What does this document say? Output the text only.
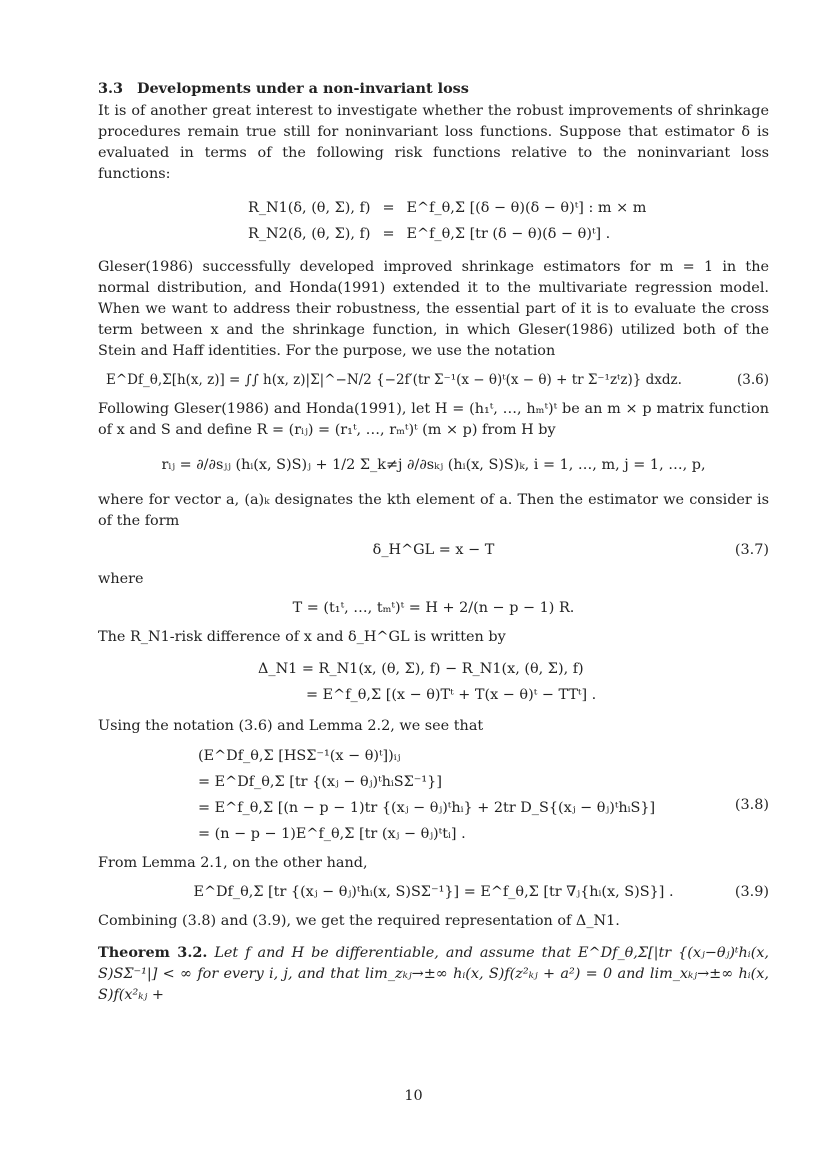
3.3 Developments under a non-invariant loss

It is of another great interest to investigate whether the robust improvements of shrinkage procedures remain true still for noninvariant loss functions. Suppose that estimator δ is evaluated in terms of the following risk functions relative to the noninvariant loss functions:

R_N1(δ, (θ, Σ), f) = E^f_θ,Σ [(δ − θ)(δ − θ)ᵗ] : m × m
R_N2(δ, (θ, Σ), f) = E^f_θ,Σ [tr (δ − θ)(δ − θ)ᵗ] .

Gleser(1986) successfully developed improved shrinkage estimators for m = 1 in the normal distribution, and Honda(1991) extended it to the multivariate regression model. When we want to address their robustness, the essential part of it is to evaluate the cross term between x and the shrinkage function, in which Gleser(1986) utilized both of the Stein and Haff identities. For the purpose, we use the notation

E^Df_θ,Σ[h(x, z)] = ∫∫ h(x, z)|Σ|^−N/2 {−2f′(tr Σ⁻¹(x − θ)ᵗ(x − θ) + tr Σ⁻¹zᵗz)} dxdz.	(3.6)

Following Gleser(1986) and Honda(1991), let H = (h₁ᵗ, …, hₘᵗ)ᵗ be an m × p matrix function of x and S and define R = (rᵢⱼ) = (r₁ᵗ, …, rₘᵗ)ᵗ (m × p) from H by

rᵢⱼ = ∂/∂sⱼⱼ (hᵢ(x, S)S)ⱼ + 1/2 Σ_k≠j ∂/∂sₖⱼ (hᵢ(x, S)S)ₖ, i = 1, …, m, j = 1, …, p,

where for vector a, (a)ₖ designates the kth element of a. Then the estimator we consider is of the form

δ_H^GL = x − T	(3.7)

where

T = (t₁ᵗ, …, tₘᵗ)ᵗ = H + 2/(n − p − 1) R.

The R_N1-risk difference of x and δ_H^GL is written by

Δ_N1 = R_N1(x, (θ, Σ), f) − R_N1(x, (θ, Σ), f)
= E^f_θ,Σ [(x − θ)Tᵗ + T(x − θ)ᵗ − TTᵗ] .

Using the notation (3.6) and Lemma 2.2, we see that

(E^Df_θ,Σ [HSΣ⁻¹(x − θ)ᵗ])ᵢⱼ
= E^Df_θ,Σ [tr {(xⱼ − θⱼ)ᵗhᵢSΣ⁻¹}]
= E^f_θ,Σ [(n − p − 1)tr {(xⱼ − θⱼ)ᵗhᵢ} + 2tr D_S{(xⱼ − θⱼ)ᵗhᵢS}]
= (n − p − 1)E^f_θ,Σ [tr (xⱼ − θⱼ)ᵗtᵢ] .
(3.8)

From Lemma 2.1, on the other hand,

E^Df_θ,Σ [tr {(xⱼ − θⱼ)ᵗhᵢ(x, S)SΣ⁻¹}] = E^f_θ,Σ [tr ∇ⱼ{hᵢ(x, S)S}] .	(3.9)

Combining (3.8) and (3.9), we get the required representation of Δ_N1.

Theorem 3.2. Let f and H be differentiable, and assume that E^Df_θ,Σ[|tr {(xⱼ−θⱼ)ᵗhᵢ(x, S)SΣ⁻¹|] < ∞ for every i, j, and that lim_zₖⱼ→±∞ hᵢ(x, S)f(z²ₖⱼ + a²) = 0 and lim_xₖⱼ→±∞ hᵢ(x, S)f(x²ₖⱼ +

10
